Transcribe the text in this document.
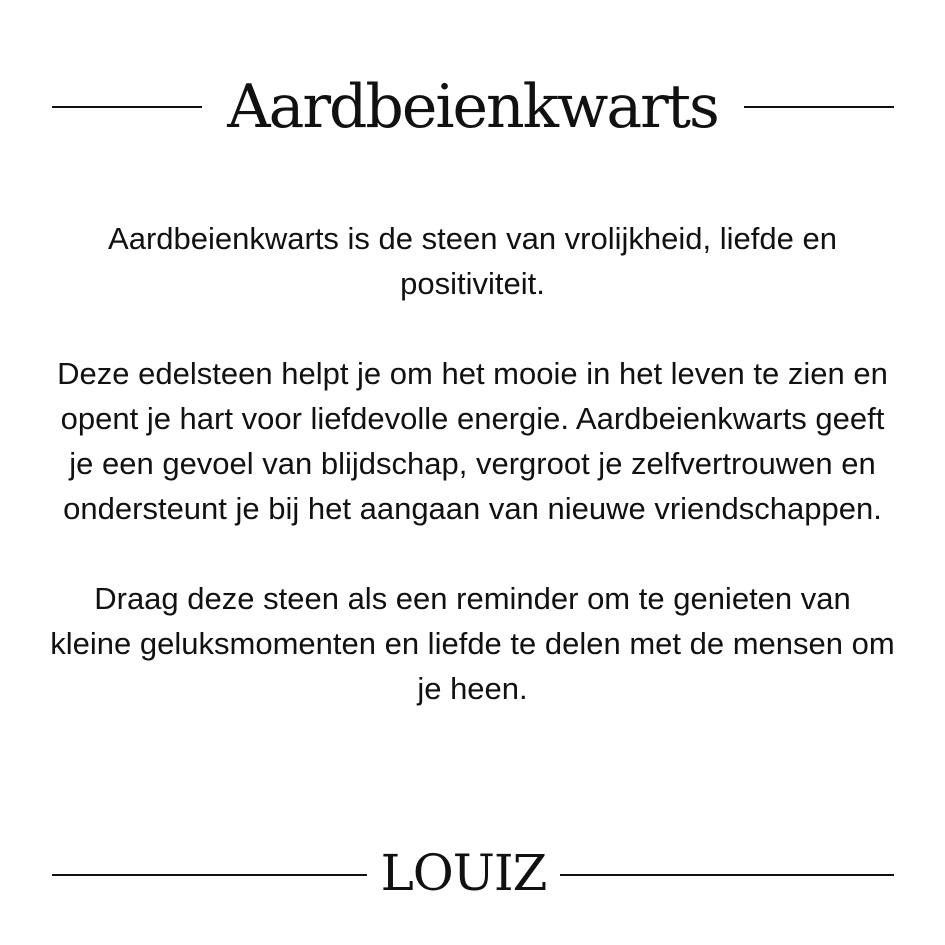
Aardbeienkwarts

Aardbeienkwarts is de steen van vrolijkheid, liefde en positiviteit.

Deze edelsteen helpt je om het mooie in het leven te zien en opent je hart voor liefdevolle energie. Aardbeienkwarts geeft je een gevoel van blijdschap, vergroot je zelfvertrouwen en ondersteunt je bij het aangaan van nieuwe vriendschappen.

Draag deze steen als een reminder om te genieten van kleine geluksmomenten en liefde te delen met de mensen om je heen.

LOUIZ
